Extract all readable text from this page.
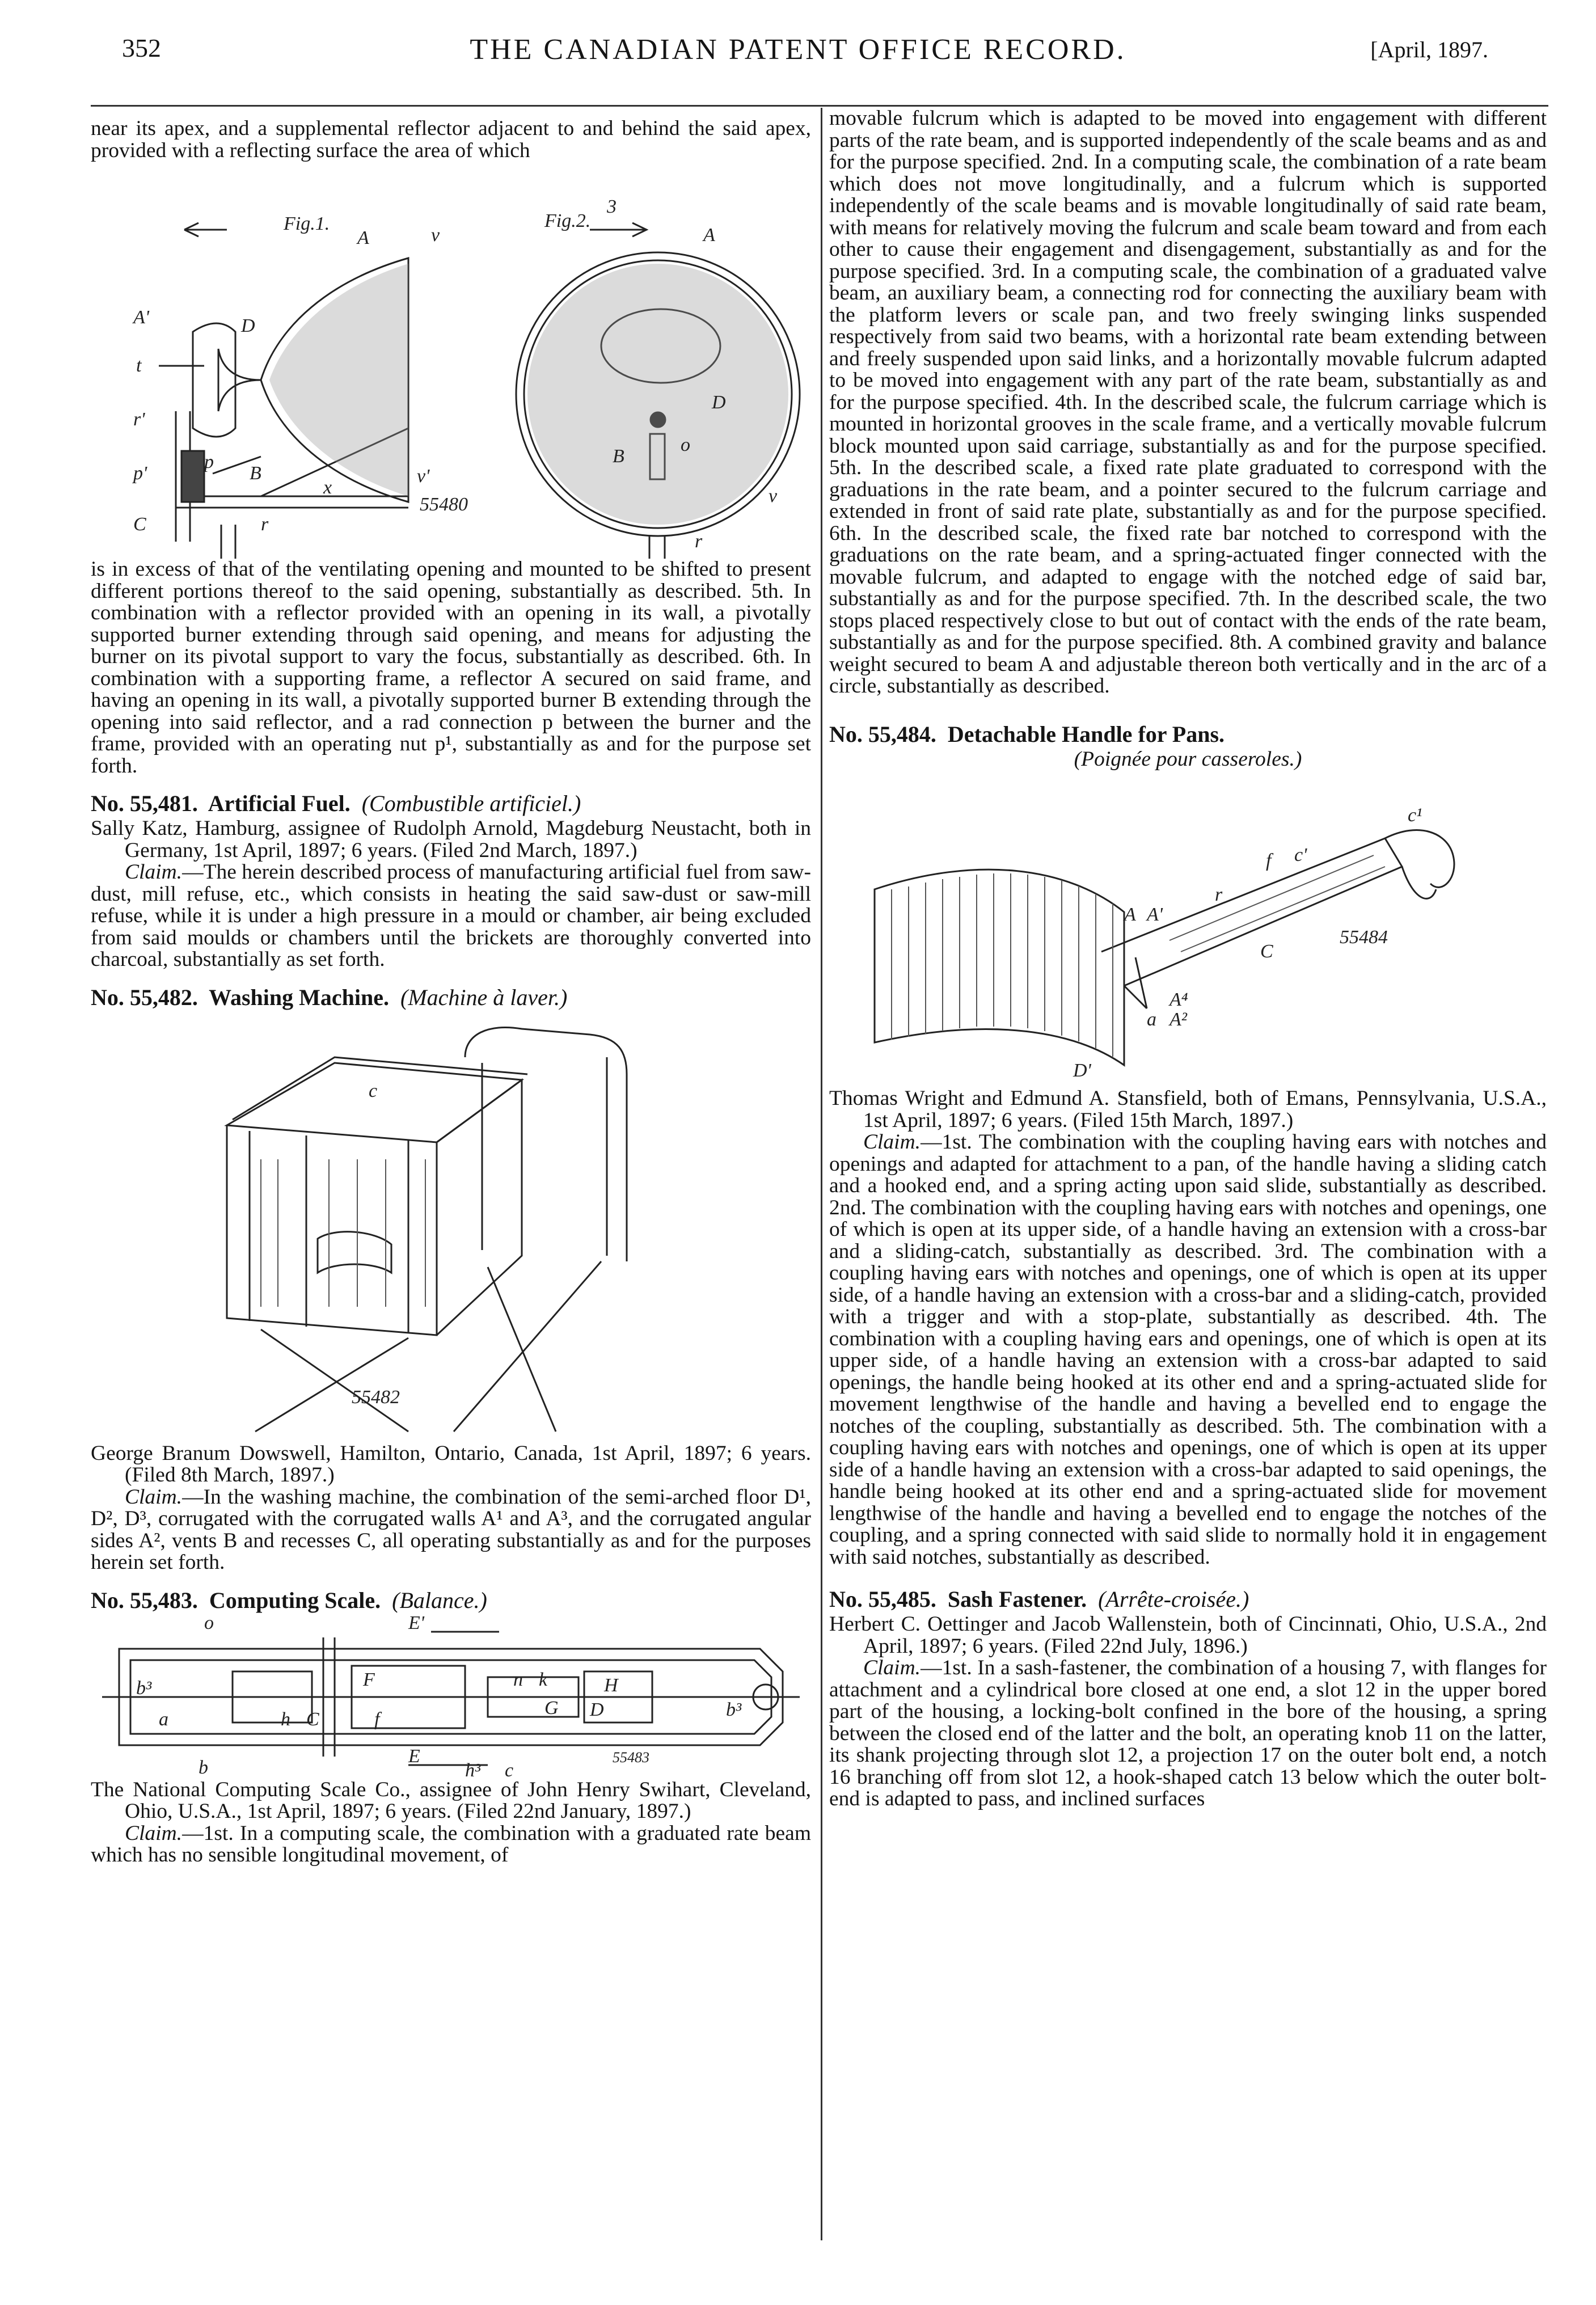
352	THE CANADIAN PATENT OFFICE RECORD.	[April, 1897.

near its apex, and a supplemental reflector adjacent to and behind the said apex, provided with a reflecting surface the area of which

Fig.1.	Fig.2.
3
A	v
A'	D
t
r'
p
p'	B
x
v'
C	r
55480
A
D
B
o
v
r

is in excess of that of the ventilating opening and mounted to be shifted to present different portions thereof to the said opening, substantially as described. 5th. In combination with a reflector provided with an opening in its wall, a pivotally supported burner extending through said opening, and means for adjusting the burner on its pivotal support to vary the focus, substantially as described. 6th. In combination with a supporting frame, a reflector A secured on said frame, and having an opening in its wall, a pivotally supported burner B extending through the opening into said reflector, and a rad connection p between the burner and the frame, provided with an operating nut p¹, substantially as and for the purpose set forth.

No. 55,481. Artificial Fuel. (Combustible artificiel.)

Sally Katz, Hamburg, assignee of Rudolph Arnold, Magdeburg Neustacht, both in Germany, 1st April, 1897; 6 years. (Filed 2nd March, 1897.)

Claim.—The herein described process of manufacturing artificial fuel from saw-dust, mill refuse, etc., which consists in heating the said saw-dust or saw-mill refuse, while it is under a high pressure in a mould or chamber, air being excluded from said moulds or chambers until the brickets are thoroughly converted into charcoal, substantially as set forth.

No. 55,482. Washing Machine. (Machine à laver.)
c
55482

George Branum Dowswell, Hamilton, Ontario, Canada, 1st April, 1897; 6 years. (Filed 8th March, 1897.)

Claim.—In the washing machine, the combination of the semi-arched floor D¹, D², D³, corrugated with the corrugated walls A¹ and A³, and the corrugated angular sides A², vents B and recesses C, all operating substantially as and for the purposes herein set forth.

No. 55,483. Computing Scale. (Balance.)
o	E'
b³
a	h C
F
f
n k	H
G D	b³
b
E
h³ c
55483

The National Computing Scale Co., assignee of John Henry Swihart, Cleveland, Ohio, U.S.A., 1st April, 1897; 6 years. (Filed 22nd January, 1897.)

Claim.—1st. In a computing scale, the combination with a graduated rate beam which has no sensible longitudinal movement, of

movable fulcrum which is adapted to be moved into engagement with different parts of the rate beam, and is supported independently of the scale beams and as and for the purpose specified. 2nd. In a computing scale, the combination of a rate beam which does not move longitudinally, and a fulcrum which is supported independently of the scale beams and is movable longitudinally of said rate beam, with means for relatively moving the fulcrum and scale beam toward and from each other to cause their engagement and disengagement, substantially as and for the purpose specified. 3rd. In a computing scale, the combination of a graduated valve beam, an auxiliary beam, a connecting rod for connecting the auxiliary beam with the platform levers or scale pan, and two freely swinging links suspended respectively from said two beams, with a horizontal rate beam extending between and freely suspended upon said links, and a horizontally movable fulcrum adapted to be moved into engagement with any part of the rate beam, substantially as and for the purpose specified. 4th. In the described scale, the fulcrum carriage which is mounted in horizontal grooves in the scale frame, and a vertically movable fulcrum block mounted upon said carriage, substantially as and for the purpose specified. 5th. In the described scale, a fixed rate plate graduated to correspond with the graduations in the rate beam, and a pointer secured to the fulcrum carriage and extended in front of said rate plate, substantially as and for the purpose specified. 6th. In the described scale, the fixed rate bar notched to correspond with the graduations on the rate beam, and a spring-actuated finger connected with the movable fulcrum, and adapted to engage with the notched edge of said bar, substantially as and for the purpose specified. 7th. In the described scale, the two stops placed respectively close to but out of contact with the ends of the rate beam, substantially as and for the purpose specified. 8th. A combined gravity and balance weight secured to beam A and adjustable thereon both vertically and in the arc of a circle, substantially as described.

No. 55,484. Detachable Handle for Pans.
(Poignée pour casseroles.)
c¹
f c'
r
A A'
C
55484
A⁴
a A²
D'

Thomas Wright and Edmund A. Stansfield, both of Emans, Pennsylvania, U.S.A., 1st April, 1897; 6 years. (Filed 15th March, 1897.)

Claim.—1st. The combination with the coupling having ears with notches and openings and adapted for attachment to a pan, of the handle having a sliding catch and a hooked end, and a spring acting upon said slide, substantially as described. 2nd. The combination with the coupling having ears with notches and openings, one of which is open at its upper side, of a handle having an extension with a cross-bar and a sliding-catch, substantially as described. 3rd. The combination with a coupling having ears with notches and openings, one of which is open at its upper side, of a handle having an extension with a cross-bar and a sliding-catch, provided with a trigger and with a stop-plate, substantially as described. 4th. The combination with a coupling having ears and openings, one of which is open at its upper side, of a handle having an extension with a cross-bar adapted to said openings, the handle being hooked at its other end and a spring-actuated slide for movement lengthwise of the handle and having a bevelled end to engage the notches of the coupling, substantially as described. 5th. The combination with a coupling having ears with notches and openings, one of which is open at its upper side of a handle having an extension with a cross-bar adapted to said openings, the handle being hooked at its other end and a spring-actuated slide for movement lengthwise of the handle and having a bevelled end to engage the notches of the coupling, and a spring connected with said slide to normally hold it in engagement with said notches, substantially as described.

No. 55,485. Sash Fastener. (Arrête-croisée.)

Herbert C. Oettinger and Jacob Wallenstein, both of Cincinnati, Ohio, U.S.A., 2nd April, 1897; 6 years. (Filed 22nd July, 1896.)

Claim.—1st. In a sash-fastener, the combination of a housing 7, with flanges for attachment and a cylindrical bore closed at one end, a slot 12 in the upper bored part of the housing, a locking-bolt confined in the bore of the housing, a spring between the closed end of the latter and the bolt, an operating knob 11 on the latter, its shank projecting through slot 12, a projection 17 on the outer bolt end, a notch 16 branching off from slot 12, a hook-shaped catch 13 below which the outer bolt-end is adapted to pass, and inclined surfaces
